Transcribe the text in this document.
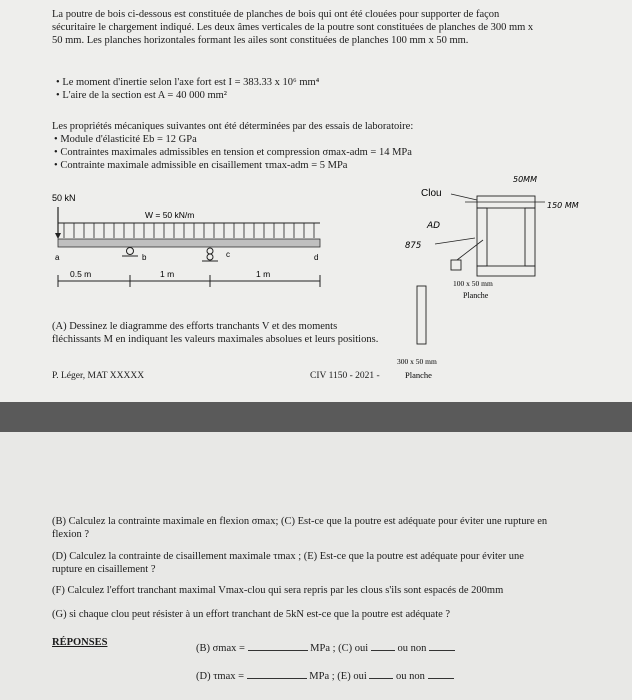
La poutre de bois ci-dessous est constituée de planches de bois qui ont été clouées pour supporter de façon sécuritaire le chargement indiqué. Les deux âmes verticales de la poutre sont constituées de planches de 300 mm x 50 mm. Les planches horizontales formant les ailes sont constituées de planches 100 mm x 50 mm.
• Le moment d'inertie selon l'axe fort est I = 383.33 x 10⁶ mm⁴
• L'aire de la section est A = 40 000 mm²
Les propriétés mécaniques suivantes ont été déterminées par des essais de laboratoire:
• Module d'élasticité Eb = 12 GPa
• Contraintes maximales admissibles en tension et compression σmax-adm = 14 MPa
• Contrainte maximale admissible en cisaillement τmax-adm = 5 MPa
50 kN
W = 50 kN/m
a	b	c	d
0.5 m	1 m	1 m
Clou
50MM
150 MM
AD
875
100 x 50 mm
Planche
300 x 50 mm
Planche
(A) Dessinez le diagramme des efforts tranchants V et des moments fléchissants M en indiquant les valeurs maximales absolues et leurs positions.
P. Léger, MAT XXXXX	CIV 1150 - 2021 -
(B) Calculez la contrainte maximale en flexion σmax; (C) Est-ce que la poutre est adéquate pour éviter une rupture en flexion ?
(D) Calculez la contrainte de cisaillement maximale τmax ; (E) Est-ce que la poutre est adéquate pour éviter une rupture en cisaillement ?
(F) Calculez l'effort tranchant maximal Vmax-clou qui sera repris par les clous s'ils sont espacés de 200mm
(G) si chaque clou peut résister à un effort tranchant de 5kN est-ce que la poutre est adéquate ?
RÉPONSES
(B) σmax =	MPa ; (C) oui	ou non
(D) τmax =	MPa ; (E) oui	ou non
